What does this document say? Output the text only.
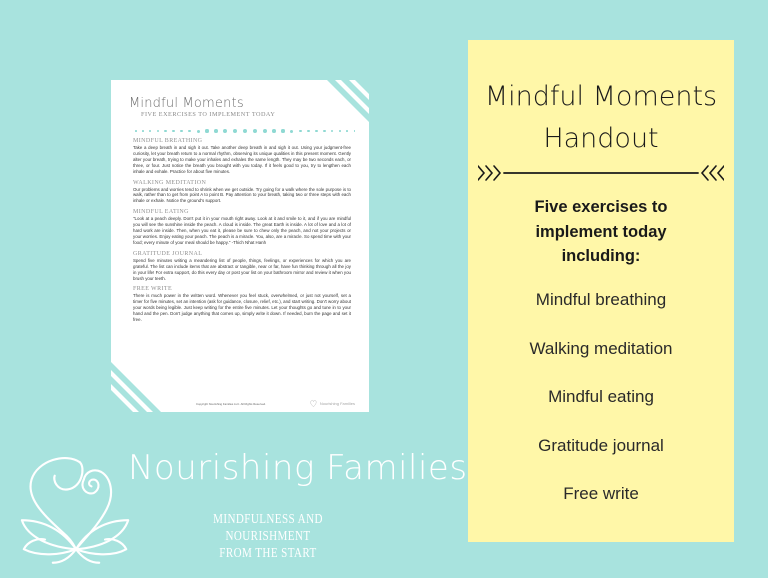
Mindful Moments
FIVE EXERCISES TO IMPLEMENT TODAY
MINDFUL BREATHING
Take a deep breath in and sigh it out. Take another deep breath in and sigh it out. Using your judgment-free curiosity, let your breath return to a normal rhythm, observing its unique qualities in this present moment. Gently alter your breath, trying to make your inhales and exhales the same length. They may be two seconds each, or three, or four. Just notice the breath you brought with you today. If it feels good to you, try to lengthen each inhale and exhale. Practice for about five minutes.
WALKING MEDITATION
Our problems and worries tend to shrink when we get outside. Try going for a walk where the sole purpose is to walk, rather than to get from point A to point B. Pay attention to your breath, taking two or three steps with each inhale or exhale. Notice the ground's support.
MINDFUL EATING
"Look at a peach deeply. Don't put it in your mouth right away. Look at it and smile to it, and if you are mindful you will see the sunshine inside the peach. A cloud is inside. The great Earth is inside. A lot of love and a lot of hard work are inside. Then, when you eat it, please be sure to chew only the peach, and not your projects or your worries. Enjoy eating your peach. The peach is a miracle. You, also, are a miracle. So spend time with your food; every minute of your meal should be happy." -Thich Nhat Hanh
GRATITUDE JOURNAL
Spend five minutes writing a meandering list of people, things, feelings, or experiences for which you are grateful. The list can include items that are abstract or tangible, near or far, have fun thinking through all the joy in your life! For extra support, do this every day or post your list on your bathroom mirror and review it when you brush your teeth.
FREE WRITE
There is much power in the written word. Whenever you feel stuck, overwhelmed, or just not yourself, set a timer for five minutes, set an intention (ask for guidance, closure, relief, etc.), and start writing. Don't worry about your words being legible. Just keep writing for the entire five minutes. Let your thoughts go and tune in to your hand and the pen. Don't judge anything that comes up, simply write it down. If needed, burn the page and set it free.
Copyright Nourishing Families LLC. All Rights Reserved.	Nourishing Families
Nourishing Families
MINDFULNESS AND NOURISHMENT
FROM THE START
Mindful Moments
Handout
Five exercises to
implement today
including:
Mindful breathing
Walking meditation
Mindful eating
Gratitude journal
Free write
